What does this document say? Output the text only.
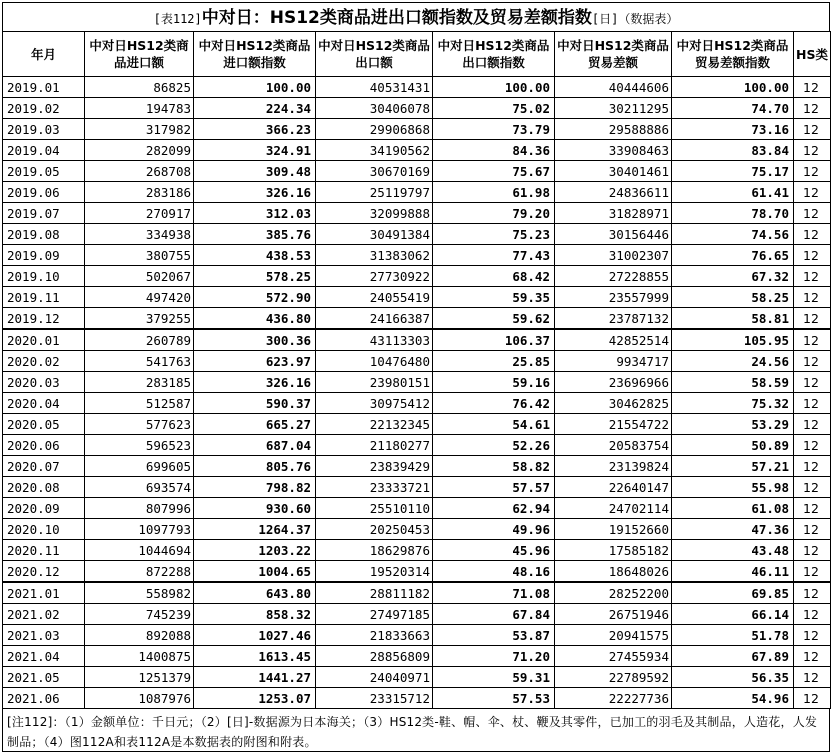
[表112]中对日：HS12类商品进出口额指数及贸易差额指数[日]（数据表）
年月	中对日HS12类商品进口额	中对日HS12类商品进口额指数	中对日HS12类商品出口额	中对日HS12类商品出口额指数	中对日HS12类商品贸易差额	中对日HS12类商品贸易差额指数	HS类
2019.01	86825	100.00	40531431	100.00	40444606	100.00	12
2019.02	194783	224.34	30406078	75.02	30211295	74.70	12
2019.03	317982	366.23	29906868	73.79	29588886	73.16	12
2019.04	282099	324.91	34190562	84.36	33908463	83.84	12
2019.05	268708	309.48	30670169	75.67	30401461	75.17	12
2019.06	283186	326.16	25119797	61.98	24836611	61.41	12
2019.07	270917	312.03	32099888	79.20	31828971	78.70	12
2019.08	334938	385.76	30491384	75.23	30156446	74.56	12
2019.09	380755	438.53	31383062	77.43	31002307	76.65	12
2019.10	502067	578.25	27730922	68.42	27228855	67.32	12
2019.11	497420	572.90	24055419	59.35	23557999	58.25	12
2019.12	379255	436.80	24166387	59.62	23787132	58.81	12
2020.01	260789	300.36	43113303	106.37	42852514	105.95	12
2020.02	541763	623.97	10476480	25.85	9934717	24.56	12
2020.03	283185	326.16	23980151	59.16	23696966	58.59	12
2020.04	512587	590.37	30975412	76.42	30462825	75.32	12
2020.05	577623	665.27	22132345	54.61	21554722	53.29	12
2020.06	596523	687.04	21180277	52.26	20583754	50.89	12
2020.07	699605	805.76	23839429	58.82	23139824	57.21	12
2020.08	693574	798.82	23333721	57.57	22640147	55.98	12
2020.09	807996	930.60	25510110	62.94	24702114	61.08	12
2020.10	1097793	1264.37	20250453	49.96	19152660	47.36	12
2020.11	1044694	1203.22	18629876	45.96	17585182	43.48	12
2020.12	872288	1004.65	19520314	48.16	18648026	46.11	12
2021.01	558982	643.80	28811182	71.08	28252200	69.85	12
2021.02	745239	858.32	27497185	67.84	26751946	66.14	12
2021.03	892088	1027.46	21833663	53.87	20941575	51.78	12
2021.04	1400875	1613.45	28856809	71.20	27455934	67.89	12
2021.05	1251379	1441.27	24040971	59.31	22789592	56.35	12
2021.06	1087976	1253.07	23315712	57.53	22227736	54.96	12
[注112]：（1）金额单位：千日元；（2）[日]-数据源为日本海关；（3）HS12类-鞋、帽、伞、杖、鞭及其零件，已加工的羽毛及其制品，人造花，人发制品；（4）图112A和表112A是本数据表的附图和附表。
